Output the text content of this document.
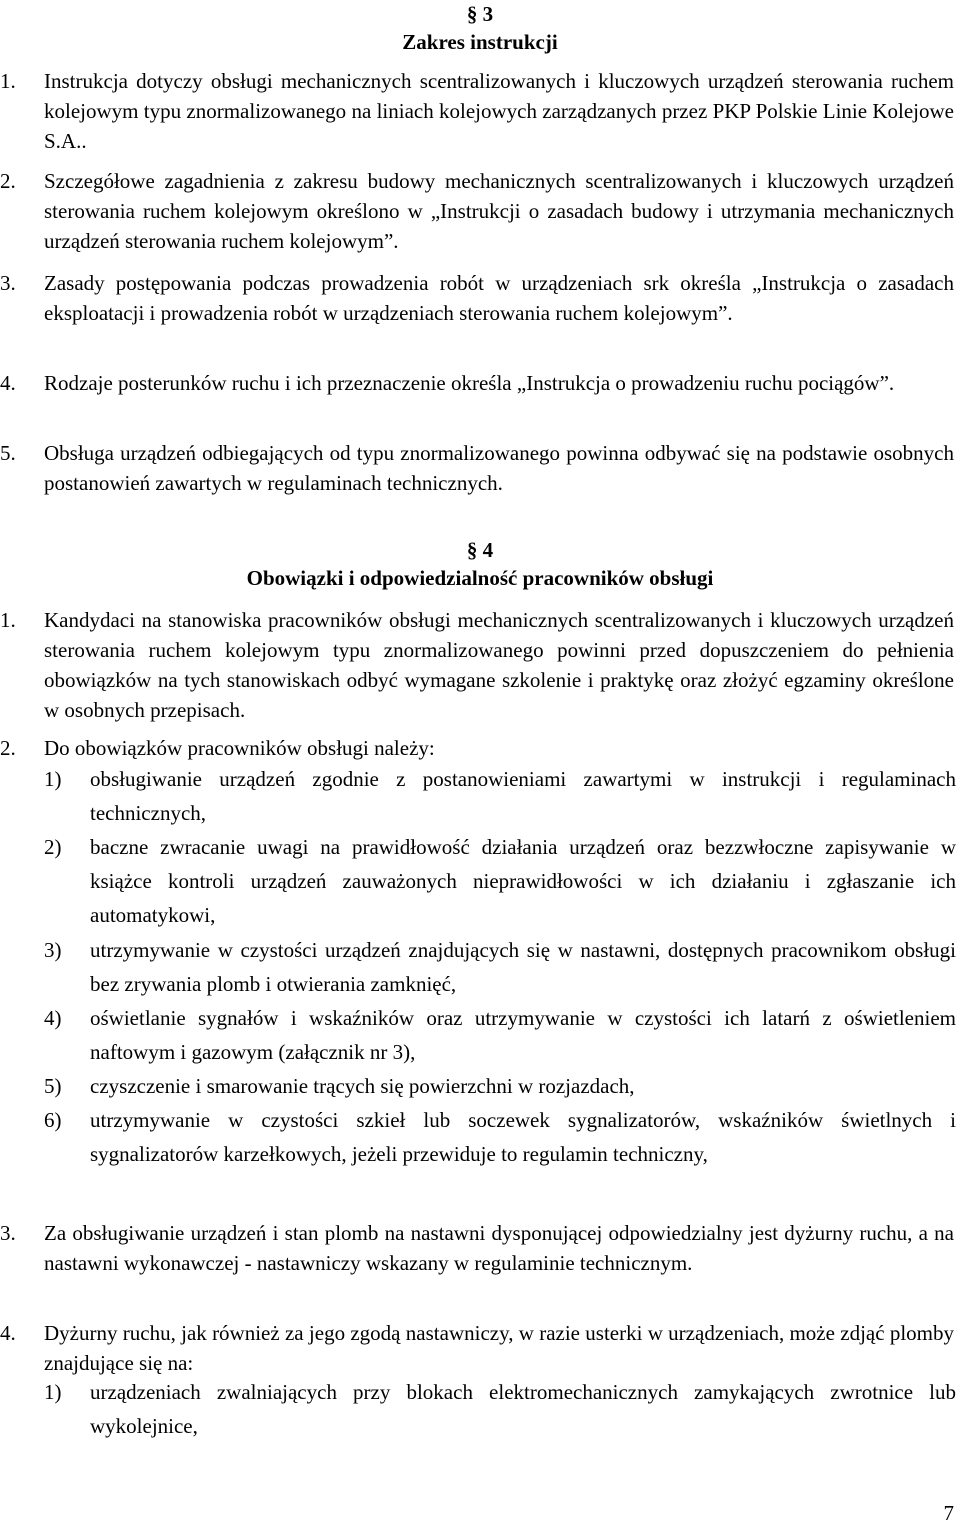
§ 3
Zakres instrukcji
1.	Instrukcja dotyczy obsługi mechanicznych scentralizowanych i kluczowych urządzeń sterowania ruchem kolejowym typu znormalizowanego na liniach kolejowych zarządzanych przez PKP Polskie Linie Kolejowe S.A..
2.	Szczegółowe zagadnienia z zakresu budowy mechanicznych scentralizowanych i kluczowych urządzeń sterowania ruchem kolejowym określono w „Instrukcji o zasadach budowy i utrzymania mechanicznych urządzeń sterowania ruchem kolejowym”.
3.	Zasady postępowania podczas prowadzenia robót w urządzeniach srk określa „Instrukcja o zasadach eksploatacji i prowadzenia robót w urządzeniach sterowania ruchem kolejowym”.
4.	Rodzaje posterunków ruchu i ich przeznaczenie określa „Instrukcja o prowadzeniu ruchu pociągów”.
5.	Obsługa urządzeń odbiegających od typu znormalizowanego powinna odbywać się na podstawie osobnych postanowień zawartych w regulaminach technicznych.
§ 4
Obowiązki i odpowiedzialność pracowników obsługi
1.	Kandydaci na stanowiska pracowników obsługi mechanicznych scentralizowanych i kluczowych urządzeń sterowania ruchem kolejowym typu znormalizowanego powinni przed dopuszczeniem do pełnienia obowiązków na tych stanowiskach odbyć wymagane szkolenie i praktykę oraz złożyć egzaminy określone w osobnych przepisach.
2.	Do obowiązków pracowników obsługi należy:
1)	obsługiwanie urządzeń zgodnie z postanowieniami zawartymi w instrukcji i regulaminach technicznych,
2)	baczne zwracanie uwagi na prawidłowość działania urządzeń oraz bezzwłoczne zapisywanie w książce kontroli urządzeń zauważonych nieprawidłowości w ich działaniu i zgłaszanie ich automatykowi,
3)	utrzymywanie w czystości urządzeń znajdujących się w nastawni, dostępnych pracownikom obsługi bez zrywania plomb i otwierania zamknięć,
4)	oświetlanie sygnałów i wskaźników oraz utrzymywanie w czystości ich latarń z oświetleniem naftowym i gazowym (załącznik nr 3),
5)	czyszczenie i smarowanie trących się powierzchni w rozjazdach,
6)	utrzymywanie w czystości szkieł lub soczewek sygnalizatorów, wskaźników świetlnych i sygnalizatorów karzełkowych, jeżeli przewiduje to regulamin techniczny,
3.	Za obsługiwanie urządzeń i stan plomb na nastawni dysponującej odpowiedzialny jest dyżurny ruchu, a na nastawni wykonawczej - nastawniczy wskazany w regulaminie technicznym.
4.	Dyżurny ruchu, jak również za jego zgodą nastawniczy, w razie usterki w urządzeniach, może zdjąć plomby znajdujące się na:
1)	urządzeniach zwalniających przy blokach elektromechanicznych zamykających zwrotnice lub wykolejnice,
7
